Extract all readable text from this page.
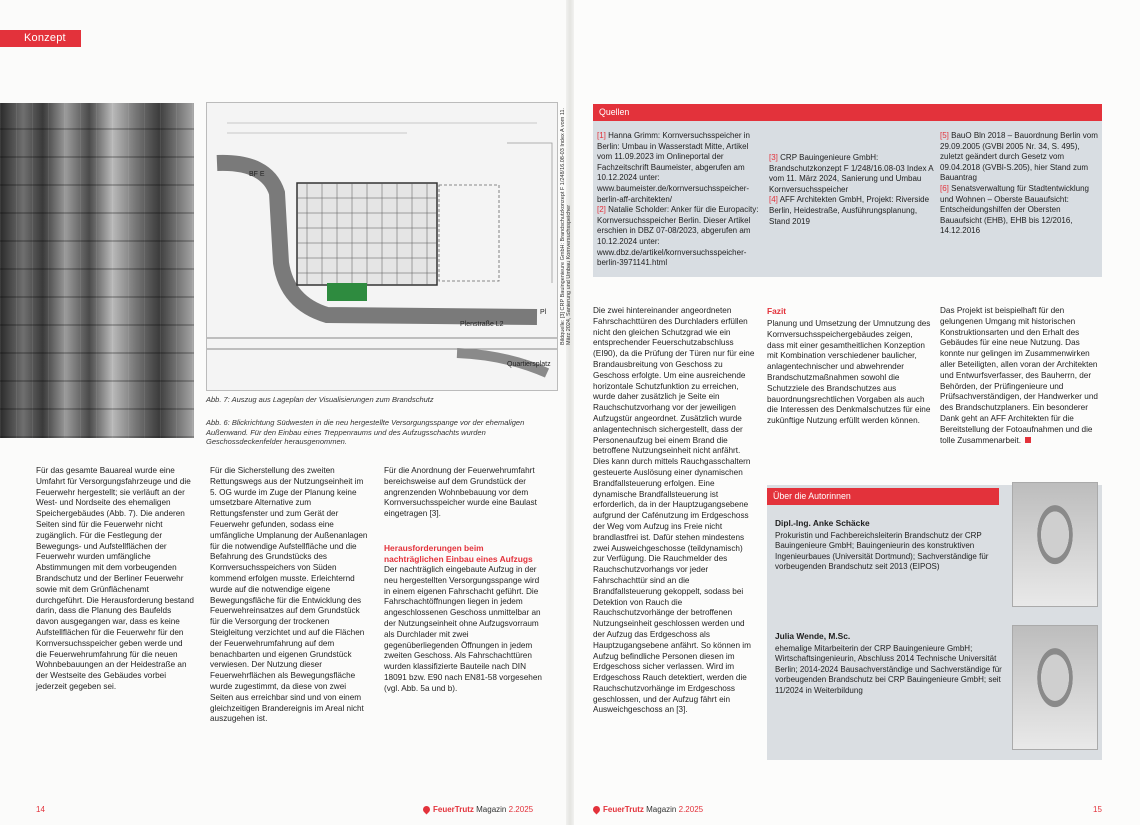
Konzept
Plenstraße L2
Quartiersplatz
BF E
Pl	Bildquelle: [3] CRP Bauingenieure GmbH: Brandschutzkonzept F 1/248/16.08-03 Index A vom 11. März 2024, Sanierung und Umbau Kornversuchsspeicher
Abb. 7: Auszug aus Lageplan der Visualisierungen zum Brandschutz
Abb. 6: Blickrichtung Südwesten in die neu hergestellte Versorgungsspange vor der ehemaligen Außenwand. Für den Einbau eines Treppenraums und des Aufzugsschachts wurden Geschossdeckenfelder herausgenommen.
Für das gesamte Bauareal wurde eine Umfahrt für Versorgungsfahrzeuge und die Feuerwehr hergestellt; sie verläuft an der West- und Nordseite des ehemaligen Speichergebäudes (Abb. 7). Die anderen Seiten sind für die Feuerwehr nicht zugänglich. Für die Festlegung der Bewegungs- und Aufstellflächen der Feuerwehr wurden umfängliche Abstimmungen mit dem vorbeugenden Brandschutz und der Berliner Feuerwehr sowie mit dem Grünflächenamt durchgeführt. Die Herausforderung bestand darin, dass die Planung des Baufelds davon ausgegangen war, dass es keine Aufstellflächen für die Feuerwehr für den Kornversuchsspeicher geben werde und die Feuerwehrumfahrung für die neuen Wohnbebauungen an der Heidestraße an der Westseite des Gebäudes vorbei jederzeit gegeben sei.
Für die Sicherstellung des zweiten Rettungswegs aus der Nutzungseinheit im 5. OG wurde im Zuge der Planung keine umsetzbare Alternative zum Rettungsfenster und zum Gerät der Feuerwehr gefunden, sodass eine umfängliche Umplanung der Außenanlagen für die notwendige Aufstellfläche und die Befahrung des Grundstücks des Kornversuchsspeichers von Süden kommend erfolgen musste. Erleichternd wurde auf die notwendige eigene Bewegungsfläche für die Entwicklung des Feuerwehreinsatzes auf dem Grundstück für die Versorgung der trockenen Steigleitung verzichtet und auf die Flächen der Feuerwehrumfahrung auf dem benachbarten und eigenen Grundstück verwiesen. Der Nutzung dieser Feuerwehrflächen als Bewegungsfläche wurde zugestimmt, da diese von zwei Seiten aus erreichbar sind und von einem gleichzeitigen Brandereignis im Areal nicht auszugehen ist.
Für die Anordnung der Feuerwehrumfahrt bereichsweise auf dem Grundstück der angrenzenden Wohnbebauung vor dem Kornversuchsspeicher wurde eine Baulast eingetragen [3].
Herausforderungen beim nachträglichen Einbau eines Aufzugs
Der nachträglich eingebaute Aufzug in der neu hergestellten Versorgungsspange wird in einem eigenen Fahrschacht geführt. Die Fahrschachtöffnungen liegen in jedem angeschlossenen Geschoss unmittelbar an der Nutzungseinheit ohne Aufzugsvorraum als Durchlader mit zwei gegenüberliegenden Öffnungen in jedem zweiten Geschoss. Als Fahrschachttüren wurden klassifizierte Bauteile nach DIN 18091 bzw. E90 nach EN81-58 vorgesehen (vgl. Abb. 5a und b).
14	FeuerTrutz Magazin 2.2025
Quellen
[1] Hanna Grimm: Kornversuchsspeicher in Berlin: Umbau in Wasserstadt Mitte, Artikel vom 11.09.2023 im Onlineportal der Fachzeitschrift Baumeister, abgerufen am 10.12.2024 unter: www.baumeister.de/kornversuchsspeicher-berlin-aff-architekten/
[2] Natalie Scholder: Anker für die Europacity: Kornversuchsspeicher Berlin. Dieser Artikel erschien in DBZ 07-08/2023, abgerufen am 10.12.2024 unter: www.dbz.de/artikel/kornversuchsspeicher-berlin-3971141.html
[3] CRP Bauingenieure GmbH: Brandschutzkonzept F 1/248/16.08-03 Index A vom 11. März 2024, Sanierung und Umbau Kornversuchsspeicher
[4] AFF Architekten GmbH, Projekt: Riverside Berlin, Heidestraße, Ausführungsplanung, Stand 2019
[5] BauO Bln 2018 – Bauordnung Berlin vom 29.09.2005 (GVBl 2005 Nr. 34, S. 495), zuletzt geändert durch Gesetz vom 09.04.2018 (GVBl-S.205), hier Stand zum Bauantrag
[6] Senatsverwaltung für Stadtentwicklung und Wohnen – Oberste Bauaufsicht: Entscheidungshilfen der Obersten Bauaufsicht (EHB), EHB bis 12/2016, 14.12.2016
Die zwei hintereinander angeordneten Fahrschachttüren des Durchladers erfüllen nicht den gleichen Schutzgrad wie ein entsprechender Feuerschutzabschluss (EI90), da die Prüfung der Türen nur für eine Brandausbreitung von Geschoss zu Geschoss erfolgte. Um eine ausreichende horizontale Schutzfunktion zu erreichen, wurde daher zusätzlich je Seite ein Rauchschutzvorhang vor der jeweiligen Aufzugstür angeordnet. Zusätzlich wurde anlagentechnisch sichergestellt, dass der Personenaufzug bei einem Brand die betroffene Nutzungseinheit nicht anfährt. Dies kann durch mittels Rauchgasschaltern gesteuerte Auslösung einer dynamischen Brandfallsteuerung erfolgen. Eine dynamische Brandfallsteuerung ist erforderlich, da in der Hauptzugangsebene aufgrund der Cafénutzung im Erdgeschoss der Weg vom Aufzug ins Freie nicht brandlastfrei ist. Dafür stehen mindestens zwei Ausweichgeschosse (teildynamisch) zur Verfügung. Die Rauchmelder des Rauchschutzvorhangs vor jeder Fahrschachttür sind an die Brandfallsteuerung gekoppelt, sodass bei Detektion von Rauch die Rauchschutzvorhänge der betroffenen Nutzungseinheit geschlossen werden und der Aufzug das Erdgeschoss als Hauptzugangsebene anfährt. So können im Aufzug befindliche Personen diesen im Erdgeschoss sicher verlassen. Wird im Erdgeschoss Rauch detektiert, werden die Rauchschutzvorhänge im Erdgeschoss geschlossen, und der Aufzug fährt ein Ausweichgeschoss an [3].
Fazit
Planung und Umsetzung der Umnutzung des Kornversuchsspeichergebäudes zeigen, dass mit einer gesamtheitlichen Konzeption mit Kombination verschiedener baulicher, anlagentechnischer und abwehrender Brandschutzmaßnahmen sowohl die Schutzziele des Brandschutzes aus bauordnungsrechtlichen Vorgaben als auch die Interessen des Denkmalschutzes für eine zukünftige Nutzung erfüllt werden können.
Das Projekt ist beispielhaft für den gelungenen Umgang mit historischen Konstruktionsarten und den Erhalt des Gebäudes für eine neue Nutzung. Das konnte nur gelingen im Zusammenwirken aller Beteiligten, allen voran der Architekten und Entwurfsverfasser, des Bauherrn, der Behörden, der Prüfingenieure und Prüfsachverständigen, der Handwerker und des Brandschutzplaners. Ein besonderer Dank geht an AFF Architekten für die Bereitstellung der Fotoaufnahmen und die tolle Zusammenarbeit.
Über die Autorinnen
Dipl.-Ing. Anke Schäcke
Prokuristin und Fachbereichsleiterin Brandschutz der CRP Bauingenieure GmbH; Bauingenieurin des konstruktiven Ingenieurbaues (Universität Dortmund); Sachverständige für vorbeugenden Brandschutz seit 2013 (EIPOS)
Julia Wende, M.Sc.
ehemalige Mitarbeiterin der CRP Bauingenieure GmbH; Wirtschaftsingenieurin, Abschluss 2014 Technische Universität Berlin; 2014-2024 Bausachverständige und Sachverständige für vorbeugenden Brandschutz bei CRP Bauingenieure GmbH; seit 11/2024 in Weiterbildung
FeuerTrutz Magazin 2.2025	15
